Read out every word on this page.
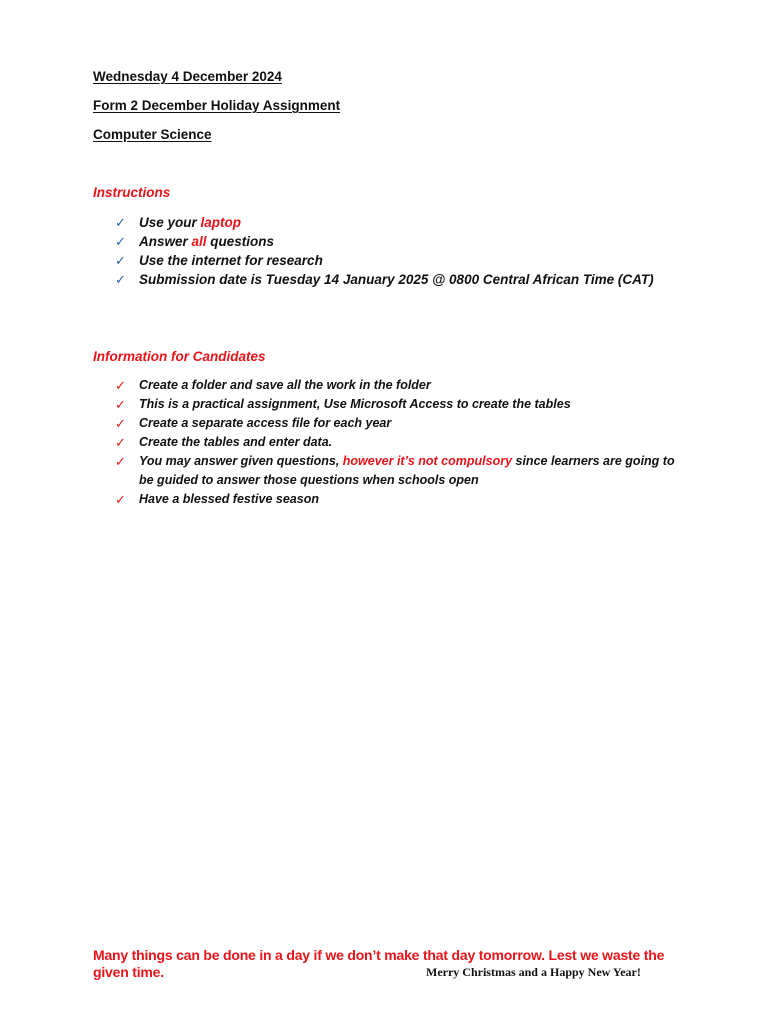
Wednesday 4 December 2024
Form 2 December Holiday Assignment
Computer Science
Instructions
✓ Use your laptop
✓ Answer all questions
✓ Use the internet for research
✓ Submission date is Tuesday 14 January 2025 @ 0800 Central African Time (CAT)
Information for Candidates
✓ Create a folder and save all the work in the folder
✓ This is a practical assignment, Use Microsoft Access to create the tables
✓ Create a separate access file for each year
✓ Create the tables and enter data.
✓ You may answer given questions, however it’s not compulsory since learners are going to be guided to answer those questions when schools open
✓ Have a blessed festive season
Many things can be done in a day if we don’t make that day tomorrow. Lest we waste the given time.	Merry Christmas and a Happy New Year!
